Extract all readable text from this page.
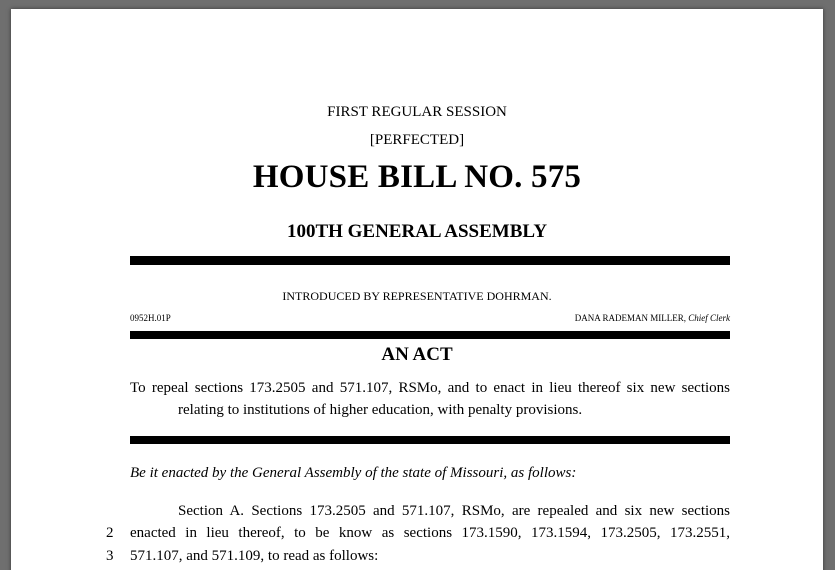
FIRST REGULAR SESSION
[PERFECTED]
HOUSE BILL NO. 575
100TH GENERAL ASSEMBLY
INTRODUCED BY REPRESENTATIVE DOHRMAN.
0952H.01P	DANA RADEMAN MILLER, Chief Clerk
AN ACT
To repeal sections 173.2505 and 571.107, RSMo, and to enact in lieu thereof six new sections
relating to institutions of higher education, with penalty provisions.
Be it enacted by the General Assembly of the state of Missouri, as follows:
Section A. Sections 173.2505 and 571.107, RSMo, are repealed and six new sections
2 enacted in lieu thereof, to be know as sections 173.1590, 173.1594, 173.2505, 173.2551,
3 571.107, and 571.109, to read as follows:
